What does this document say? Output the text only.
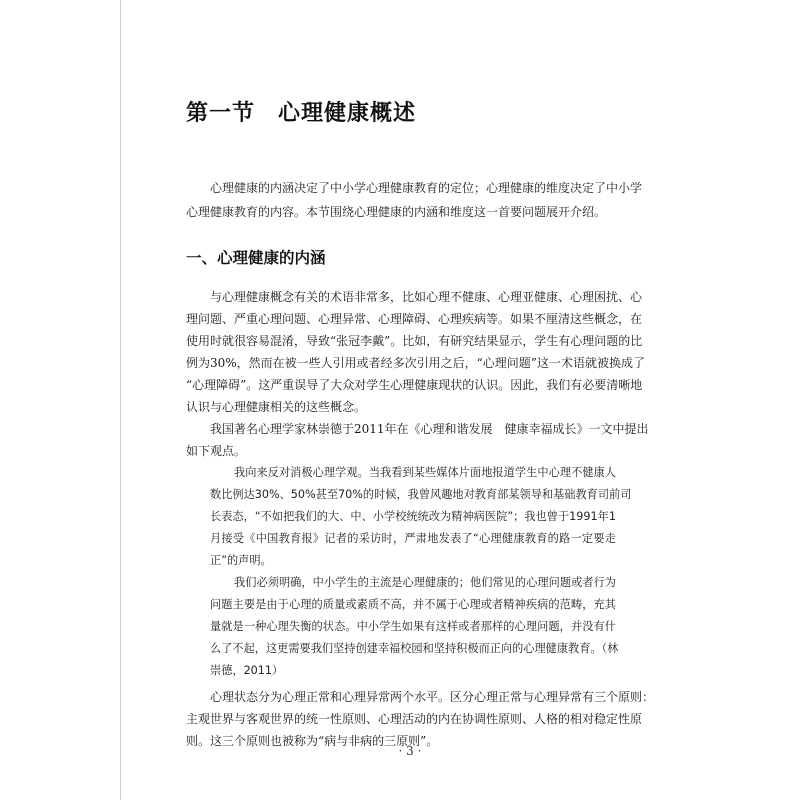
第一节　心理健康概述
心理健康的内涵决定了中小学心理健康教育的定位；心理健康的维度决定了中小学
心理健康教育的内容。本节围绕心理健康的内涵和维度这一首要问题展开介绍。
一、心理健康的内涵
与心理健康概念有关的术语非常多，比如心理不健康、心理亚健康、心理困扰、心
理问题、严重心理问题、心理异常、心理障碍、心理疾病等。如果不厘清这些概念，在
使用时就很容易混淆，导致“张冠李戴”。比如，有研究结果显示，学生有心理问题的比
例为30%，然而在被一些人引用或者经多次引用之后，“心理问题”这一术语就被换成了
“心理障碍”。这严重误导了大众对学生心理健康现状的认识。因此，我们有必要清晰地
认识与心理健康相关的这些概念。
我国著名心理学家林崇德于2011年在《心理和谐发展　健康幸福成长》一文中提出
如下观点。
我向来反对消极心理学观。当我看到某些媒体片面地报道学生中心理不健康人
数比例达30%、50%甚至70%的时候，我曾风趣地对教育部某领导和基础教育司前司
长表态，“不如把我们的大、中、小学校统统改为精神病医院”；我也曾于1991年1
月接受《中国教育报》记者的采访时，严肃地发表了“心理健康教育的路一定要走
正”的声明。
我们必须明确，中小学生的主流是心理健康的；他们常见的心理问题或者行为
问题主要是由于心理的质量或素质不高，并不属于心理或者精神疾病的范畴，充其
量就是一种心理失衡的状态。中小学生如果有这样或者那样的心理问题，并没有什
么了不起，这更需要我们坚持创建幸福校园和坚持积极而正向的心理健康教育。（林
崇德，2011）
心理状态分为心理正常和心理异常两个水平。区分心理正常与心理异常有三个原则：
主观世界与客观世界的统一性原则、心理活动的内在协调性原则、人格的相对稳定性原
则。这三个原则也被称为“病与非病的三原则”。
· 3 ·
